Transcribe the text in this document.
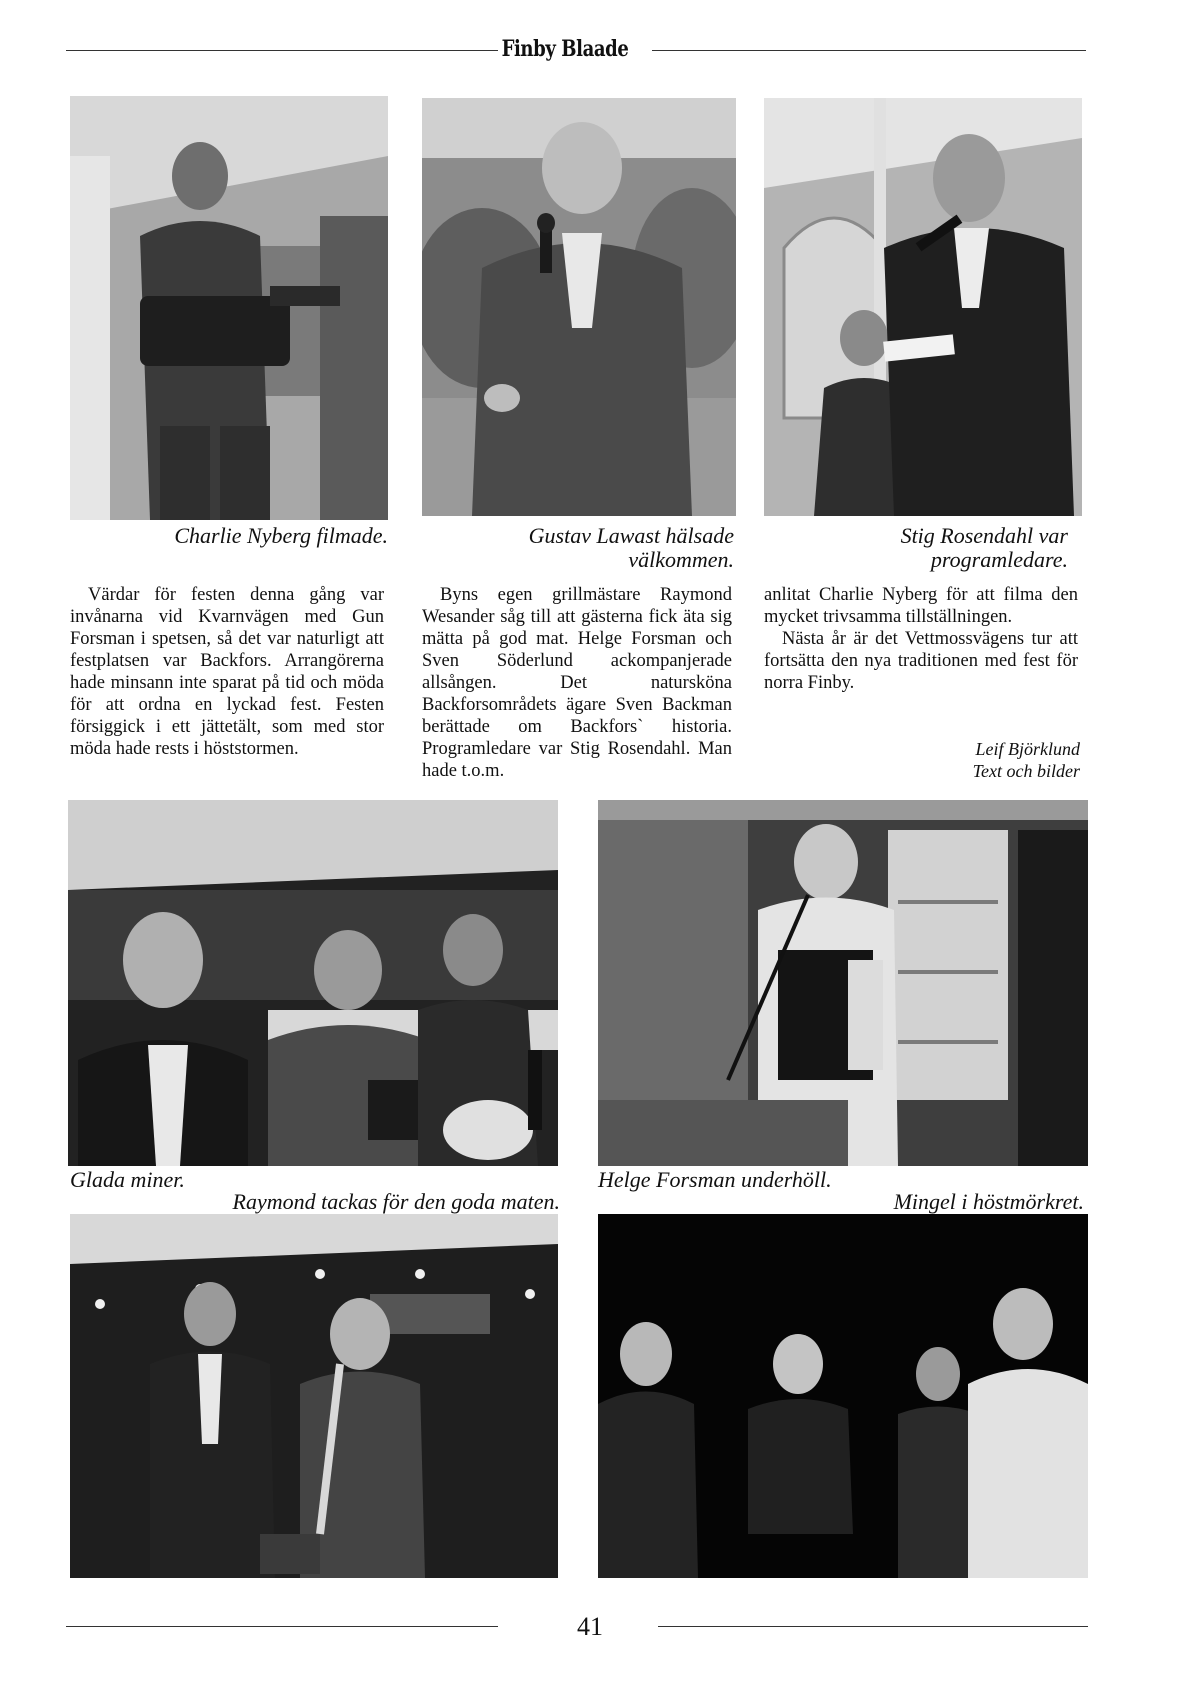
Finby Blaade
Charlie Nyberg filmade.	Gustav Lawast hälsade välkommen.
Stig Rosendahl var programledare.

Värdar för festen denna gång var invånarna vid Kvarnvägen med Gun Forsman i spetsen, så det var naturligt att festplatsen var Backfors. Arrangörerna hade minsann inte sparat på tid och möda för att ordna en lyckad fest. Festen försiggick i ett jättetält, som med stor möda hade rests i höststormen.

Byns egen grillmästare Raymond Wesander såg till att gästerna fick äta sig mätta på god mat. Helge Forsman och Sven Söderlund ackompanjerade allsången. Det natursköna Backforsområdets ägare Sven Backman berättade om Backfors` historia. Programledare var Stig Rosendahl. Man hade t.o.m.

anlitat Charlie Nyberg för att filma den mycket trivsamma tillställningen.

Nästa år är det Vettmossvägens tur att fortsätta den nya traditionen med fest för norra Finby.

Leif Björklund
Text och bilder
Glada miner.
Raymond tackas för den goda maten.
Helge Forsman underhöll.
Mingel i höstmörkret.
41
